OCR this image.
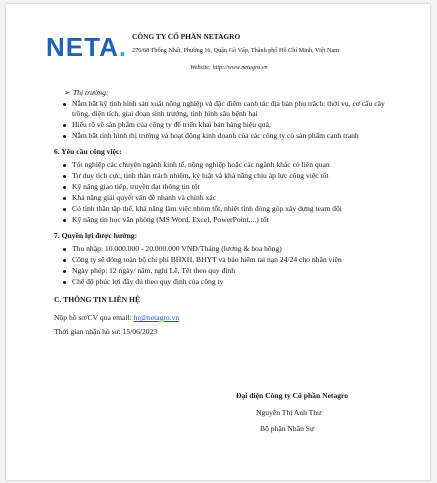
NETA. CÔNG TY CỔ PHẦN NETAGRO
276/68 Thống Nhất, Phường 16, Quận Gò Vấp, Thành phố Hồ Chí Minh, Việt Nam
Website: http://www.netagro.vn
➢ Thị trường:
Nắm bắt kỹ tình hình sản xuất nông nghiệp và đặc điểm canh tác địa bàn phụ trách: thời vụ, cơ cấu cây trồng, diện tích, giai đoạn sinh trưởng, tình hình sâu bệnh hại
Hiểu rõ về sản phẩm của công ty để triển khai bán hàng hiệu quả,
Nắm bắt tình hình thị trường và hoạt động kinh doanh của các công ty có sản phẩm cạnh tranh
6. Yêu cầu công việc:
Tốt nghiệp các chuyên ngành kinh tế, nông nghiệp hoặc các ngành khác có liên quan
Tư duy tích cực, tinh thần trách nhiệm, kỷ luật và khả năng chịu áp lực công việc tốt
Kỹ năng giao tiếp, truyền đạt thông tin tốt
Khả năng giải quyết vấn đề nhanh và chính xác
Có tinh thần tập thể, khả năng làm việc nhóm tốt, nhiệt tình đóng góp xây dựng team đội
Kỹ năng tin học văn phòng (MS Word, Excel, PowerPoint,...) tốt
7. Quyền lợi được hưởng:
Thu nhập: 10.000.000 - 20.000.000 VNĐ/Tháng (lương & hoa hồng)
Công ty sẽ đóng toàn bộ chi phí BHXH, BHYT và bảo hiểm tai nạn 24/24 cho nhân viên
Ngày phép: 12 ngày/ năm, nghỉ Lễ, Tết theo quy định
Chế độ phúc lợi đầy đủ theo quy định của công ty
C. THÔNG TIN LIÊN HỆ
Nộp hồ sơ/CV qua email: hr@netagro.vn
Thời gian nhận hồ sơ: 15/06/2023
Đại diện Công ty Cổ phần Netagro
Nguyễn Thị Anh Thư
Bộ phận Nhân Sự
